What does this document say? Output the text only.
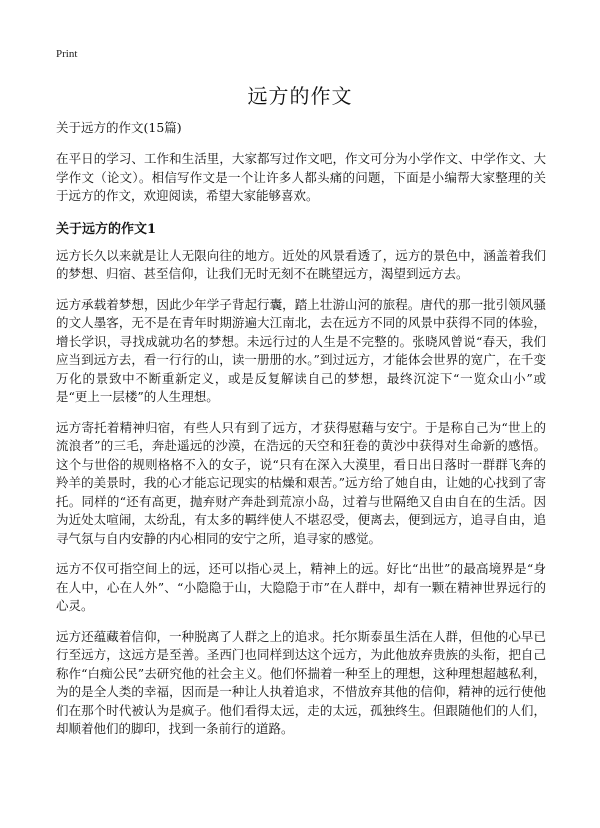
Print
远方的作文
关于远方的作文(15篇)

在平日的学习、工作和生活里，大家都写过作文吧，作文可分为小学作文、中学作文、大学作文（论文）。相信写作文是一个让许多人都头痛的问题，下面是小编帮大家整理的关于远方的作文，欢迎阅读，希望大家能够喜欢。

关于远方的作文1

远方长久以来就是让人无限向往的地方。近处的风景看透了，远方的景色中，涵盖着我们的梦想、归宿、甚至信仰，让我们无时无刻不在眺望远方，渴望到远方去。

远方承载着梦想，因此少年学子背起行囊，踏上壮游山河的旅程。唐代的那一批引领风骚的文人墨客，无不是在青年时期游遍大江南北，去在远方不同的风景中获得不同的体验，增长学识，寻找成就功名的梦想。未远行过的人生是不完整的。张晓风曾说“春天，我们应当到远方去，看一行行的山，读一册册的水。”到过远方，才能体会世界的宽广，在千变万化的景致中不断重新定义，或是反复解读自己的梦想，最终沉淀下“一览众山小”或是“更上一层楼”的人生理想。

远方寄托着精神归宿，有些人只有到了远方，才获得慰藉与安宁。于是称自己为“世上的流浪者”的三毛，奔赴遥远的沙漠，在浩远的天空和狂卷的黄沙中获得对生命新的感悟。这个与世俗的规则格格不入的女子，说“只有在深入大漠里，看日出日落时一群群飞奔的羚羊的美景时，我的心才能忘记现实的枯燥和艰苦。”远方给了她自由，让她的心找到了寄托。同样的“还有高更，抛弃财产奔赴到荒凉小岛，过着与世隔绝又自由自在的生活。因为近处太喧闹，太纷乱，有太多的羁绊使人不堪忍受，便离去，便到远方，追寻自由，追寻气氛与自内安静的内心相同的安宁之所，追寻家的感觉。

远方不仅可指空间上的远，还可以指心灵上，精神上的远。好比“出世”的最高境界是“身在人中，心在人外”、“小隐隐于山，大隐隐于市”在人群中，却有一颗在精神世界远行的心灵。

远方还蕴藏着信仰，一种脱离了人群之上的追求。托尔斯泰虽生活在人群，但他的心早已行至远方，这远方是至善。圣西门也同样到达这个远方，为此他放弃贵族的头衔，把自己称作“白痴公民”去研究他的社会主义。他们怀揣着一种至上的理想，这种理想超越私利，为的是全人类的幸福，因而是一种让人执着追求，不惜放弃其他的信仰，精神的远行使他们在那个时代被认为是疯子。他们看得太远，走的太远，孤独终生。但跟随他们的人们，却顺着他们的脚印，找到一条前行的道路。
